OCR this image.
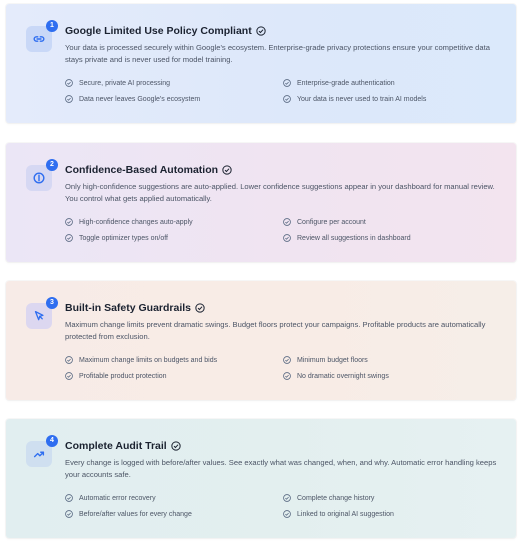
1	Google Limited Use Policy Compliant

Your data is processed securely within Google's ecosystem. Enterprise-grade privacy protections ensure your competitive data stays private and is never used for model training.

Secure, private AI processing	Enterprise-grade authentication
Data never leaves Google's ecosystem	Your data is never used to train AI models
2	Confidence-Based Automation

Only high-confidence suggestions are auto-applied. Lower confidence suggestions appear in your dashboard for manual review. You control what gets applied automatically.

High-confidence changes auto-apply	Configure per account
Toggle optimizer types on/off	Review all suggestions in dashboard
3	Built-in Safety Guardrails

Maximum change limits prevent dramatic swings. Budget floors protect your campaigns. Profitable products are automatically protected from exclusion.

Maximum change limits on budgets and bids	Minimum budget floors
Profitable product protection	No dramatic overnight swings
4	Complete Audit Trail

Every change is logged with before/after values. See exactly what was changed, when, and why. Automatic error handling keeps your accounts safe.

Automatic error recovery	Complete change history
Before/after values for every change	Linked to original AI suggestion
